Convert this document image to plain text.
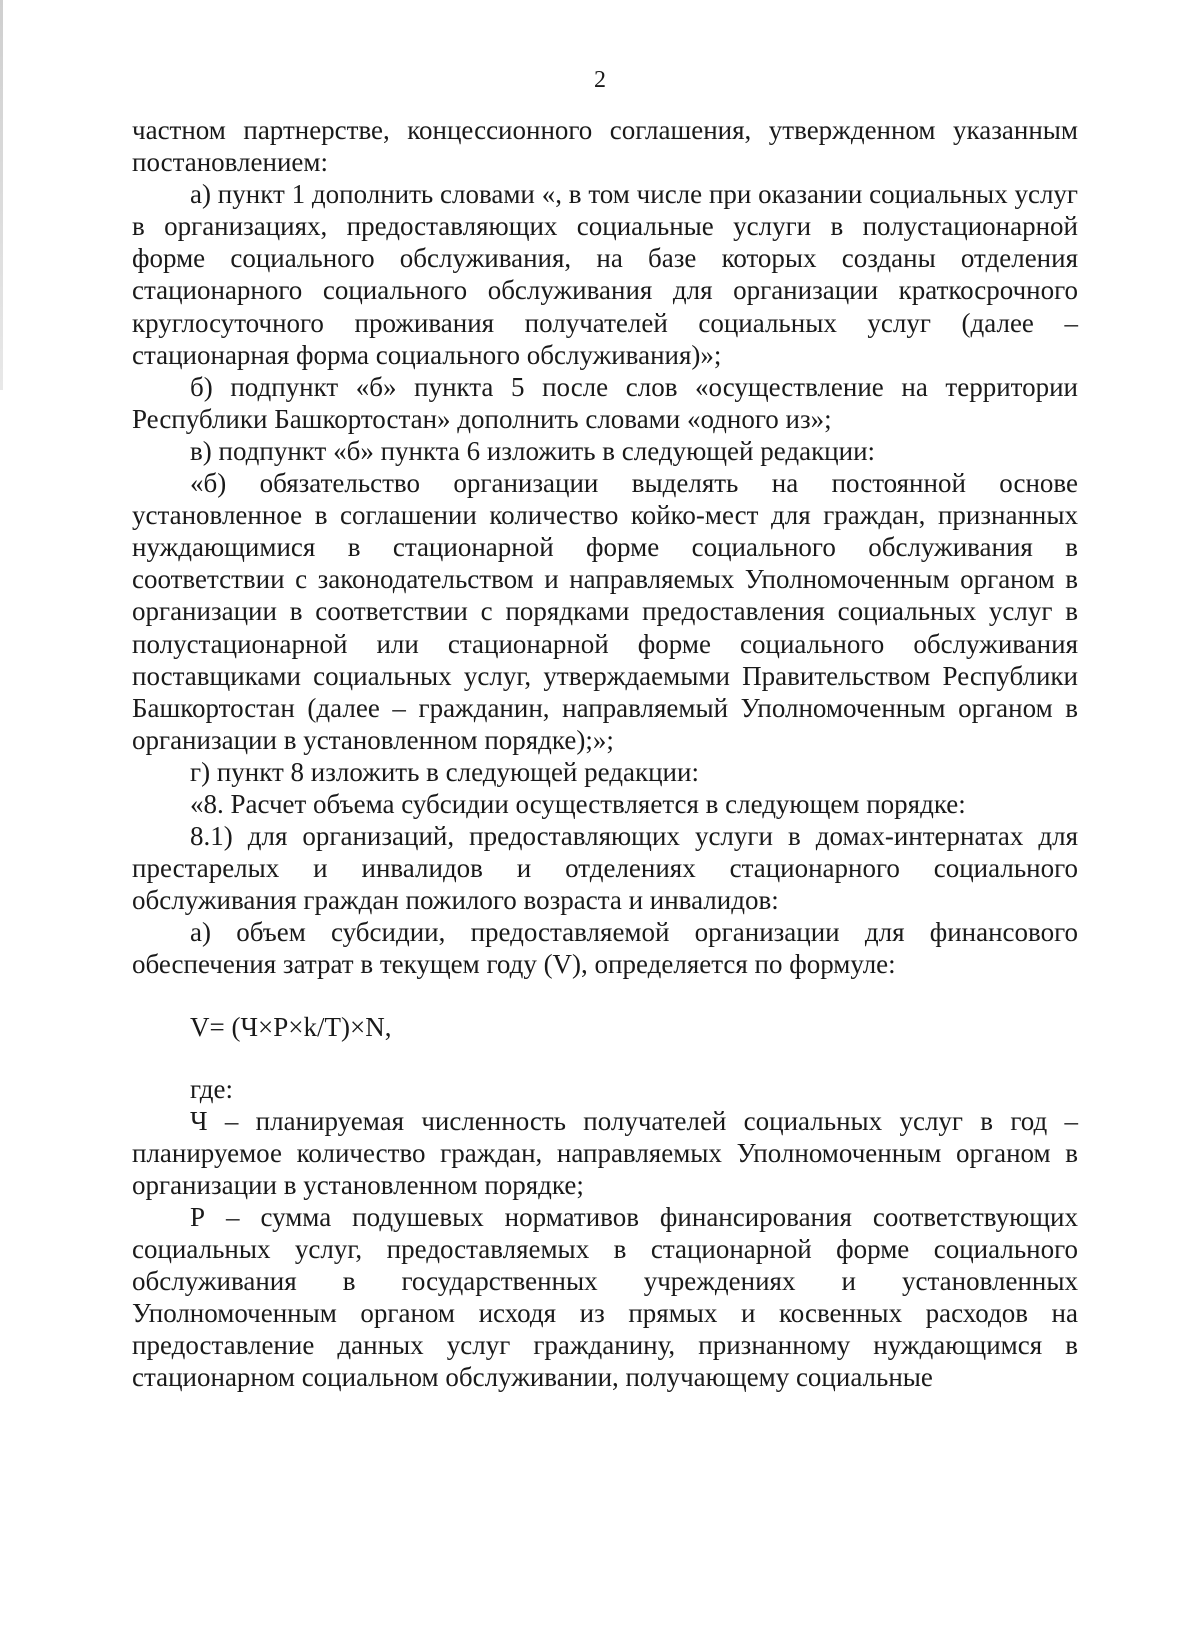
2

частном партнерстве, концессионного соглашения, утвержденном указанным постановлением:

а) пункт 1 дополнить словами «, в том числе при оказании социальных услуг в организациях, предоставляющих социальные услуги в полустационарной форме социального обслуживания, на базе которых созданы отделения стационарного социального обслуживания для организации краткосрочного круглосуточного проживания получателей социальных услуг (далее – стационарная форма социального обслуживания)»;

б) подпункт «б» пункта 5 после слов «осуществление на территории Республики Башкортостан» дополнить словами «одного из»;

в) подпункт «б» пункта 6 изложить в следующей редакции:

«б) обязательство организации выделять на постоянной основе установленное в соглашении количество койко-мест для граждан, признанных нуждающимися в стационарной форме социального обслуживания в соответствии с законодательством и направляемых Уполномоченным органом в организации в соответствии с порядками предоставления социальных услуг в полустационарной или стационарной форме социального обслуживания поставщиками социальных услуг, утверждаемыми Правительством Республики Башкортостан (далее – гражданин, направляемый Уполномоченным органом в организации в установленном порядке);»;

г) пункт 8 изложить в следующей редакции:

«8. Расчет объема субсидии осуществляется в следующем порядке:

8.1) для организаций, предоставляющих услуги в домах-интернатах для престарелых и инвалидов и отделениях стационарного социального обслуживания граждан пожилого возраста и инвалидов:

а) объем субсидии, предоставляемой организации для финансового обеспечения затрат в текущем году (V), определяется по формуле:

V= (Ч×P×k/T)×N,

где:

Ч – планируемая численность получателей социальных услуг в год – планируемое количество граждан, направляемых Уполномоченным органом в организации в установленном порядке;

Р – сумма подушевых нормативов финансирования соответствующих социальных услуг, предоставляемых в стационарной форме социального обслуживания в государственных учреждениях и установленных Уполномоченным органом исходя из прямых и косвенных расходов на предоставление данных услуг гражданину, признанному нуждающимся в стационарном социальном обслуживании, получающему социальные
